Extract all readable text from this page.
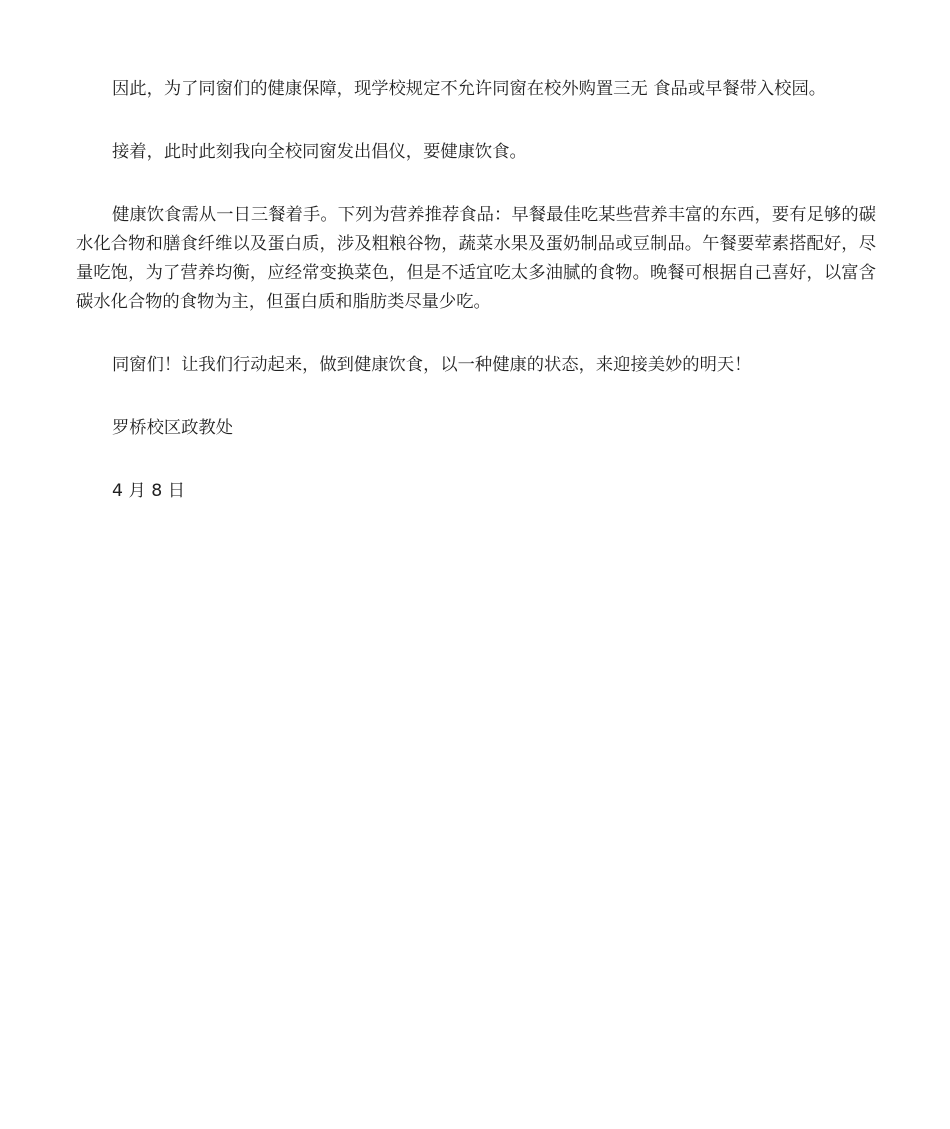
因此，为了同窗们的健康保障，现学校规定不允许同窗在校外购置三无 食品或早餐带入校园。

接着，此时此刻我向全校同窗发出倡仪，要健康饮食。

健康饮食需从一日三餐着手。下列为营养推荐食品：早餐最佳吃某些营养丰富的东西，要有足够的碳水化合物和膳食纤维以及蛋白质，涉及粗粮谷物，蔬菜水果及蛋奶制品或豆制品。午餐要荤素搭配好，尽量吃饱，为了营养均衡，应经常变换菜色，但是不适宜吃太多油腻的食物。晚餐可根据自己喜好，以富含碳水化合物的食物为主，但蛋白质和脂肪类尽量少吃。

同窗们！让我们行动起来，做到健康饮食，以一种健康的状态，来迎接美妙的明天！

罗桥校区政教处

4 月 8 日
